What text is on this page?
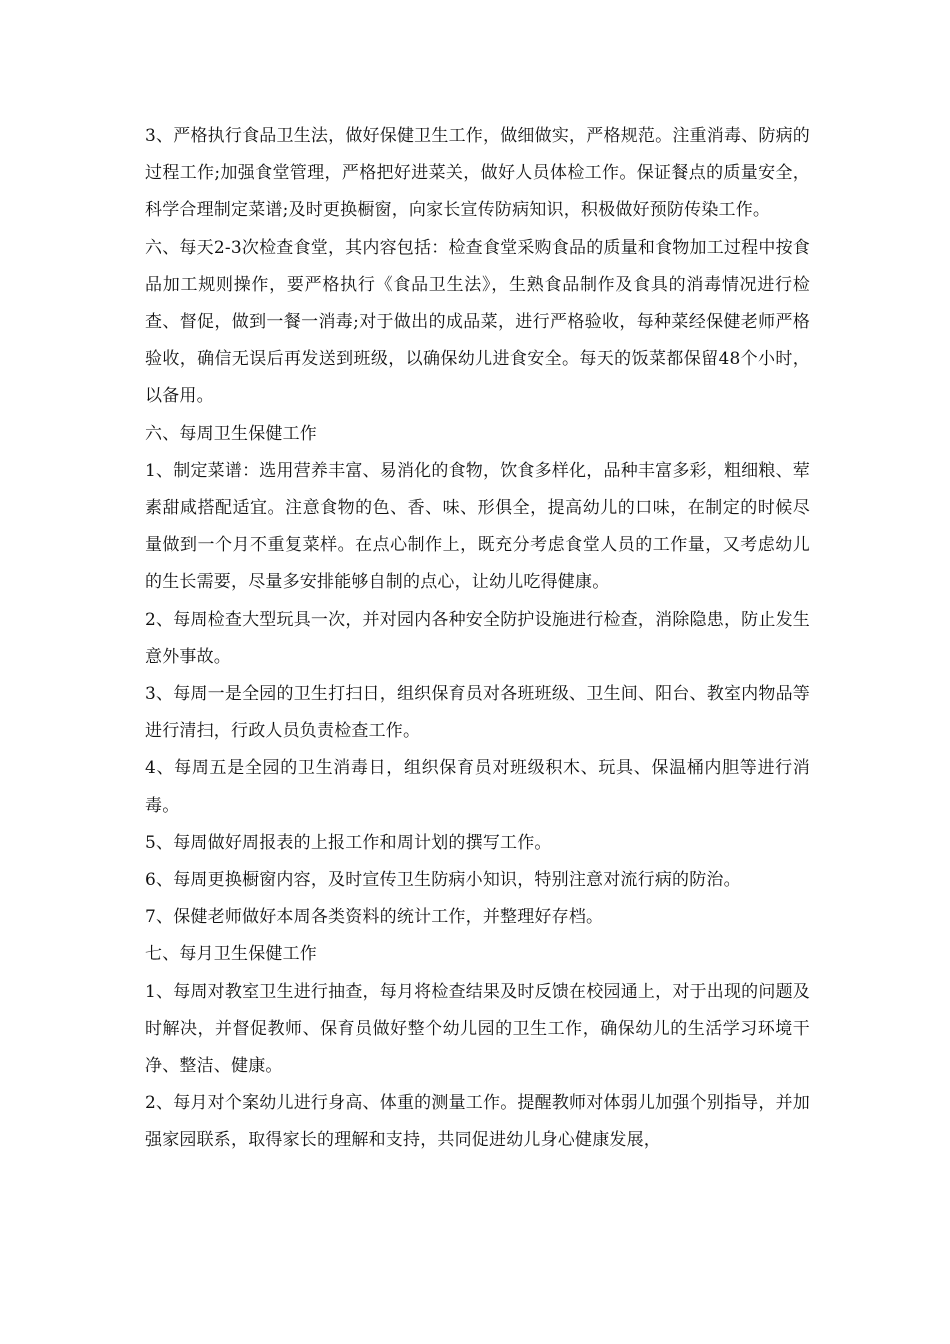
3、严格执行食品卫生法，做好保健卫生工作，做细做实，严格规范。注重消毒、防病的过程工作;加强食堂管理，严格把好进菜关，做好人员体检工作。保证餐点的质量安全，科学合理制定菜谱;及时更换橱窗，向家长宣传防病知识，积极做好预防传染工作。

六、每天2-3次检查食堂，其内容包括：检查食堂采购食品的质量和食物加工过程中按食品加工规则操作，要严格执行《食品卫生法》，生熟食品制作及食具的消毒情况进行检查、督促，做到一餐一消毒;对于做出的成品菜，进行严格验收，每种菜经保健老师严格验收，确信无误后再发送到班级，以确保幼儿进食安全。每天的饭菜都保留48个小时，以备用。

六、每周卫生保健工作

1、制定菜谱：选用营养丰富、易消化的食物，饮食多样化，品种丰富多彩，粗细粮、荤素甜咸搭配适宜。注意食物的色、香、味、形俱全，提高幼儿的口味，在制定的时候尽量做到一个月不重复菜样。在点心制作上，既充分考虑食堂人员的工作量，又考虑幼儿的生长需要，尽量多安排能够自制的点心，让幼儿吃得健康。

2、每周检查大型玩具一次，并对园内各种安全防护设施进行检查，消除隐患，防止发生意外事故。

3、每周一是全园的卫生打扫日，组织保育员对各班班级、卫生间、阳台、教室内物品等进行清扫，行政人员负责检查工作。

4、每周五是全园的卫生消毒日，组织保育员对班级积木、玩具、保温桶内胆等进行消毒。

5、每周做好周报表的上报工作和周计划的撰写工作。

6、每周更换橱窗内容，及时宣传卫生防病小知识，特别注意对流行病的防治。

7、保健老师做好本周各类资料的统计工作，并整理好存档。

七、每月卫生保健工作

1、每周对教室卫生进行抽查，每月将检查结果及时反馈在校园通上，对于出现的问题及时解决，并督促教师、保育员做好整个幼儿园的卫生工作，确保幼儿的生活学习环境干净、整洁、健康。

2、每月对个案幼儿进行身高、体重的测量工作。提醒教师对体弱儿加强个别指导，并加强家园联系，取得家长的理解和支持，共同促进幼儿身心健康发展，
